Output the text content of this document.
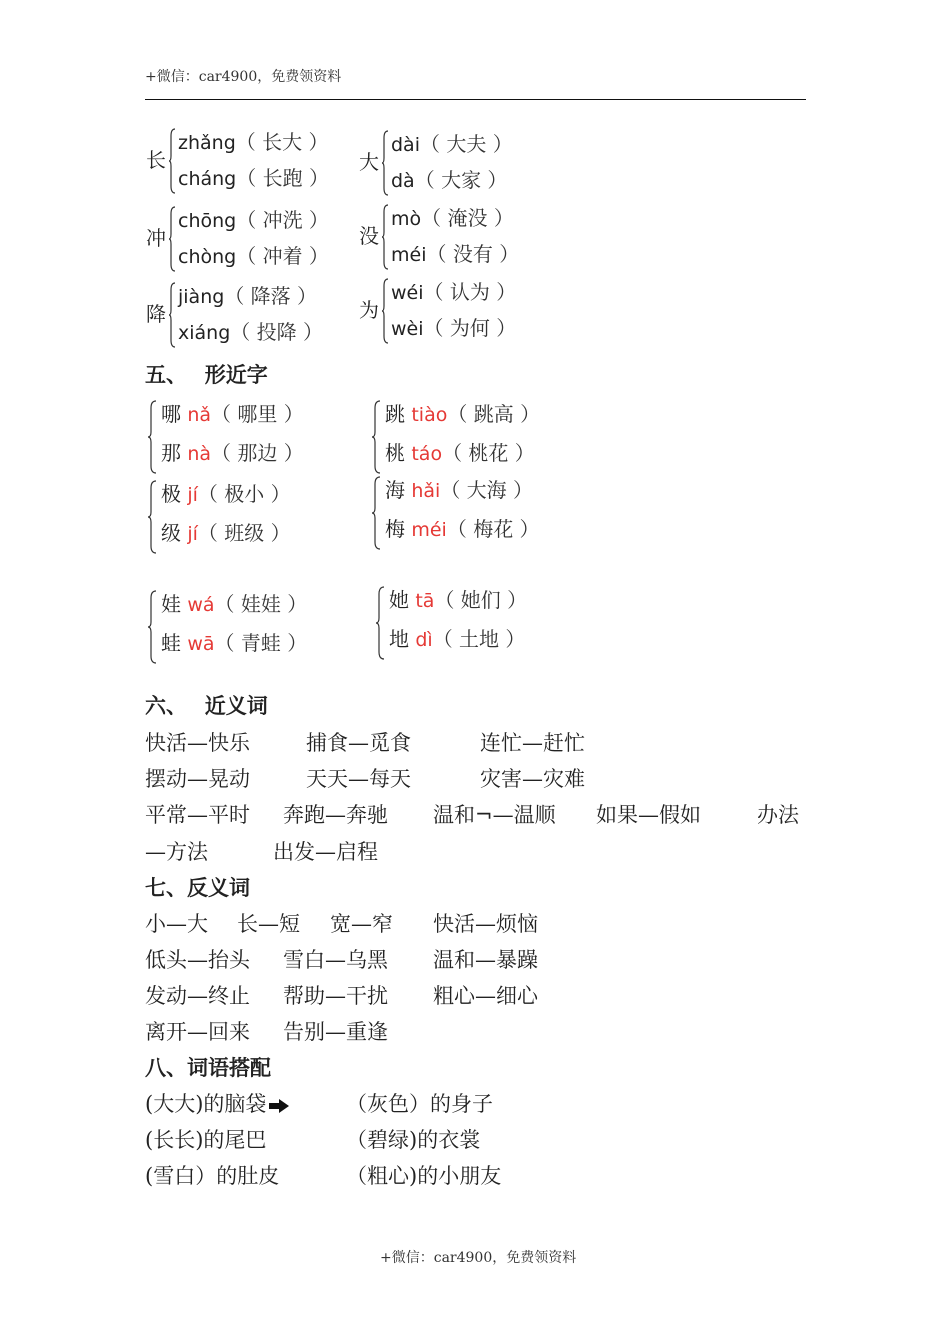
+微信：car4900，免费领资料
长
zhǎng（ 长大 ）
cháng（ 长跑 ）
大
dài（ 大夫 ）
dà（ 大家 ）
冲
chōng（ 冲洗 ）
chòng（ 冲着 ）
没
mò（ 淹没 ）
méi（ 没有 ）
降
jiàng（ 降落 ）
xiáng（ 投降 ）
为
wéi（ 认为 ）
wèi（ 为何 ）
五、　 形近字
哪 nǎ（ 哪里 ）
那 nà（ 那边 ）
跳 tiào（ 跳高 ）
桃 táo（ 桃花 ）
极 jí（ 极小 ）
级 jí（ 班级 ）
海 hǎi（ 大海 ）
梅 méi（ 梅花 ）
娃 wá（ 娃娃 ）
蛙 wā（ 青蛙 ）
她 tā（ 她们 ）
地 dì（ 土地 ）
六、　 近义词
快活—快乐	捕食—觅食	连忙—赶忙
摆动—晃动	天天—每天	灾害—灾难
平常—平时 奔跑—奔驰 温和¬—温顺 如果—假如	办法
—方法	出发—启程
七、反义词
小—大 长—短 宽—窄 快活—烦恼
低头—抬头 雪白—乌黑 温和—暴躁
发动—终止 帮助—干扰 粗心—细心
离开—回来 告别—重逢
八、词语搭配
(大大)的脑袋	（灰色）的身子
(长长)的尾巴	（碧绿)的衣裳
(雪白）的肚皮	（粗心)的小朋友
+微信：car4900，免费领资料
